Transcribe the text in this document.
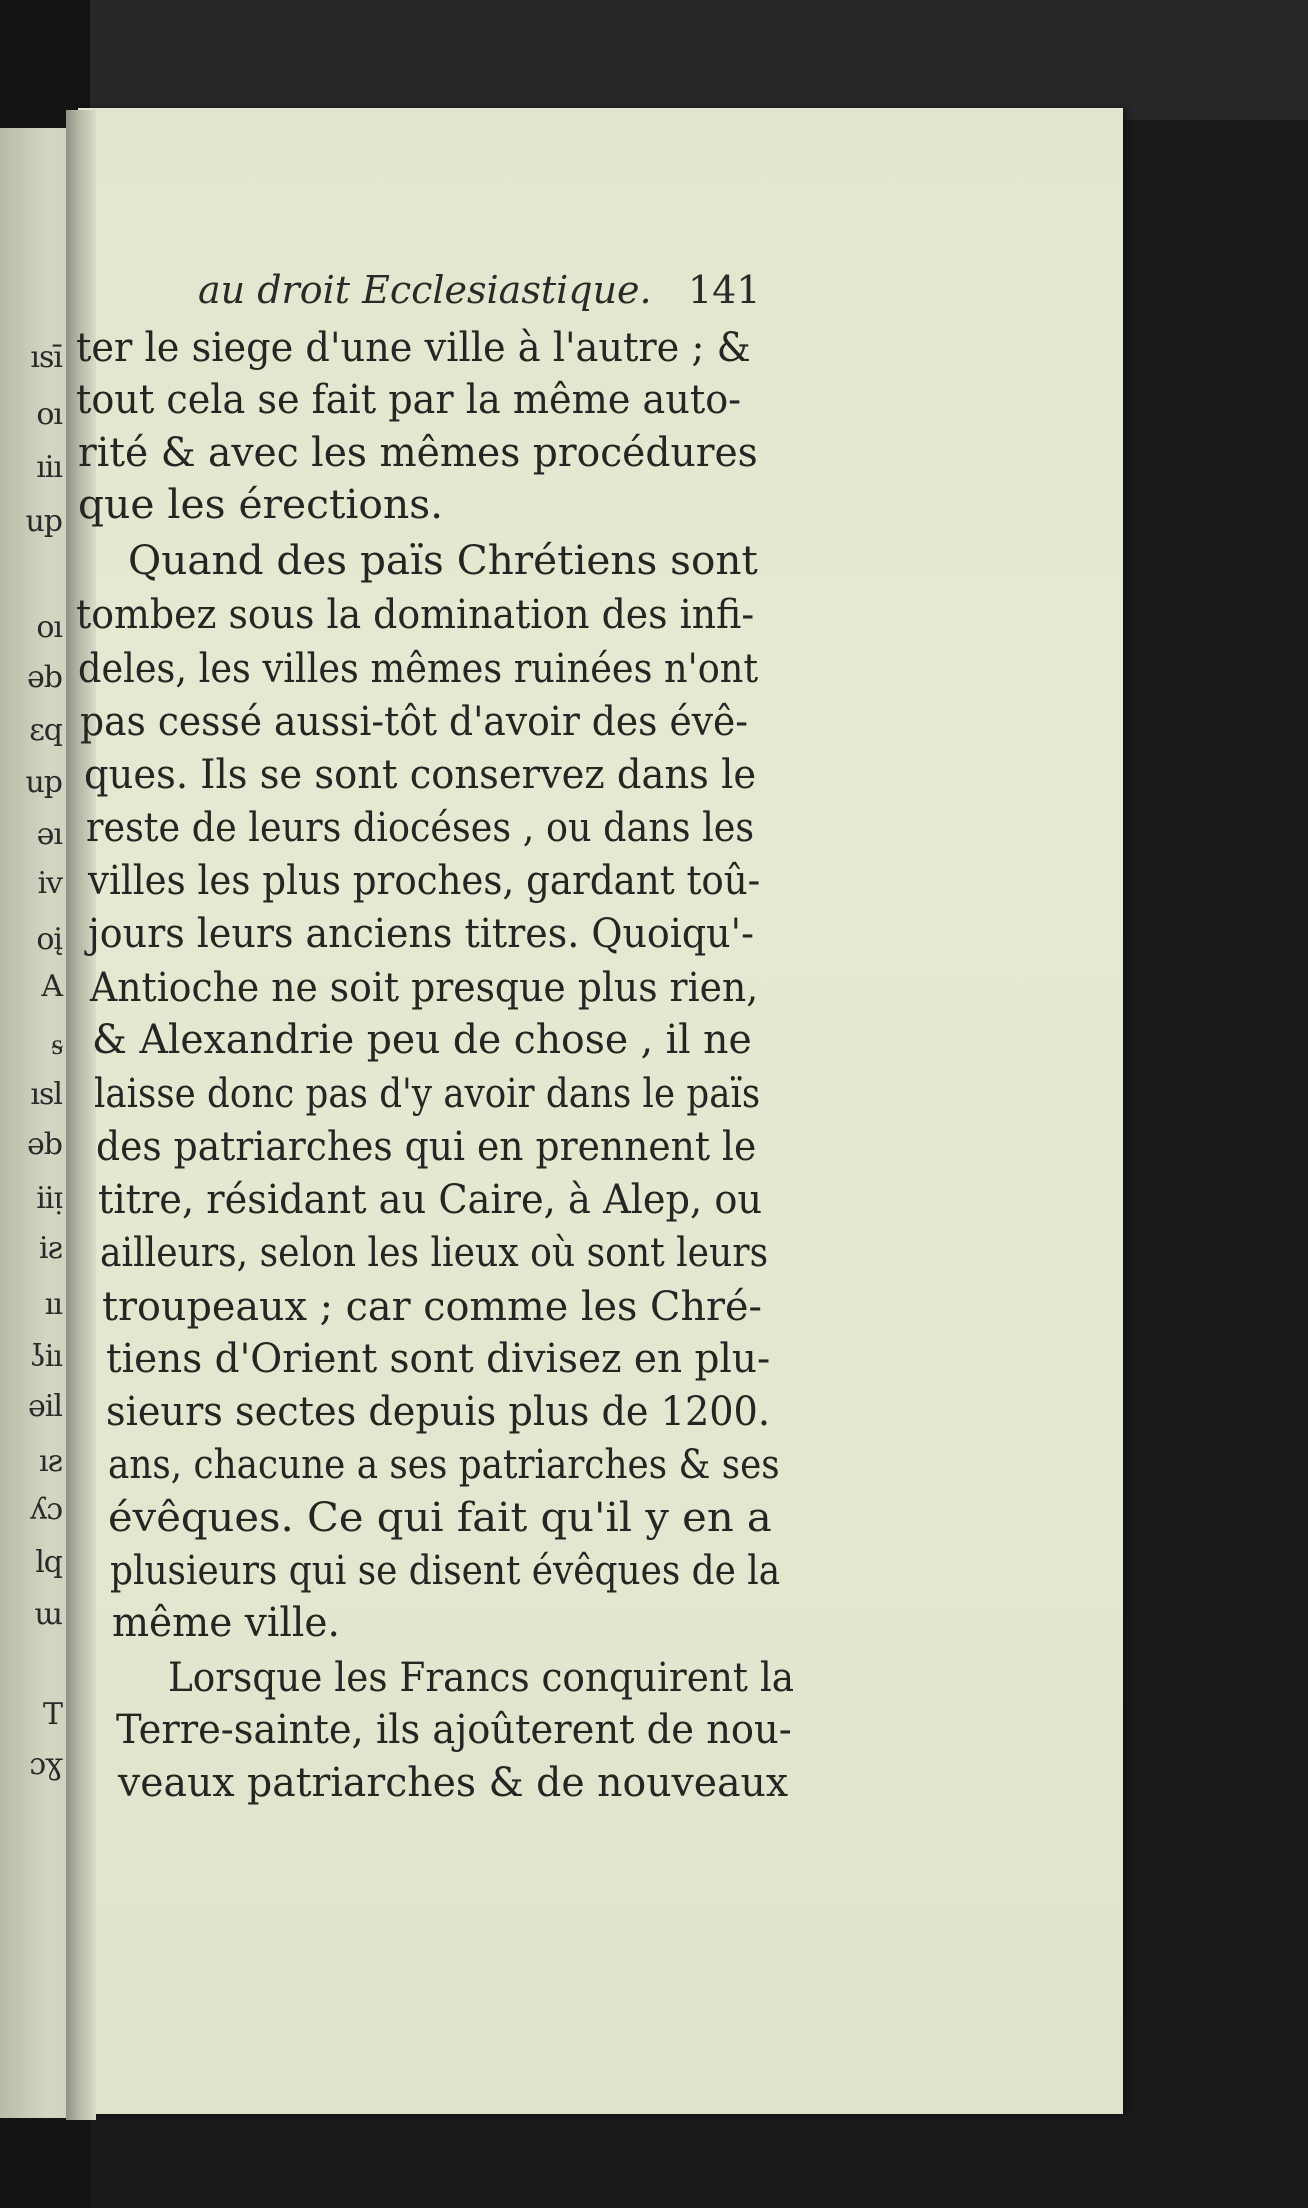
ısī
oı
ıiı
up
oı
ǝb
ɛq
up
ǝı
iv
oį
A
ᵴ
ısl
ǝb
iiᴉ
iƨ
ıı
ʖiı
ǝil
ıƨ
ʎɔ
lq
ɯ
T
ɔɣ
au droit Ecclesiastique. 141
ter le siege d'une ville à l'autre ; &
tout cela se fait par la même auto-
rité & avec les mêmes procédures
que les érections.
Quand des païs Chrétiens sont
tombez sous la domination des infi-
deles, les villes mêmes ruinées n'ont
pas cessé aussi-tôt d'avoir des évê-
ques. Ils se sont conservez dans le
reste de leurs diocéses , ou dans les
villes les plus proches, gardant toû-
jours leurs anciens titres. Quoiqu'-
Antioche ne soit presque plus rien,
& Alexandrie peu de chose , il ne
laisse donc pas d'y avoir dans le païs
des patriarches qui en prennent le
titre, résidant au Caire, à Alep, ou
ailleurs, selon les lieux où sont leurs
troupeaux ; car comme les Chré-
tiens d'Orient sont divisez en plu-
sieurs sectes depuis plus de 1200.
ans, chacune a ses patriarches & ses
évêques. Ce qui fait qu'il y en a
plusieurs qui se disent évêques de la
même ville.
Lorsque les Francs conquirent la
Terre-sainte, ils ajoûterent de nou-
veaux patriarches & de nouveaux
